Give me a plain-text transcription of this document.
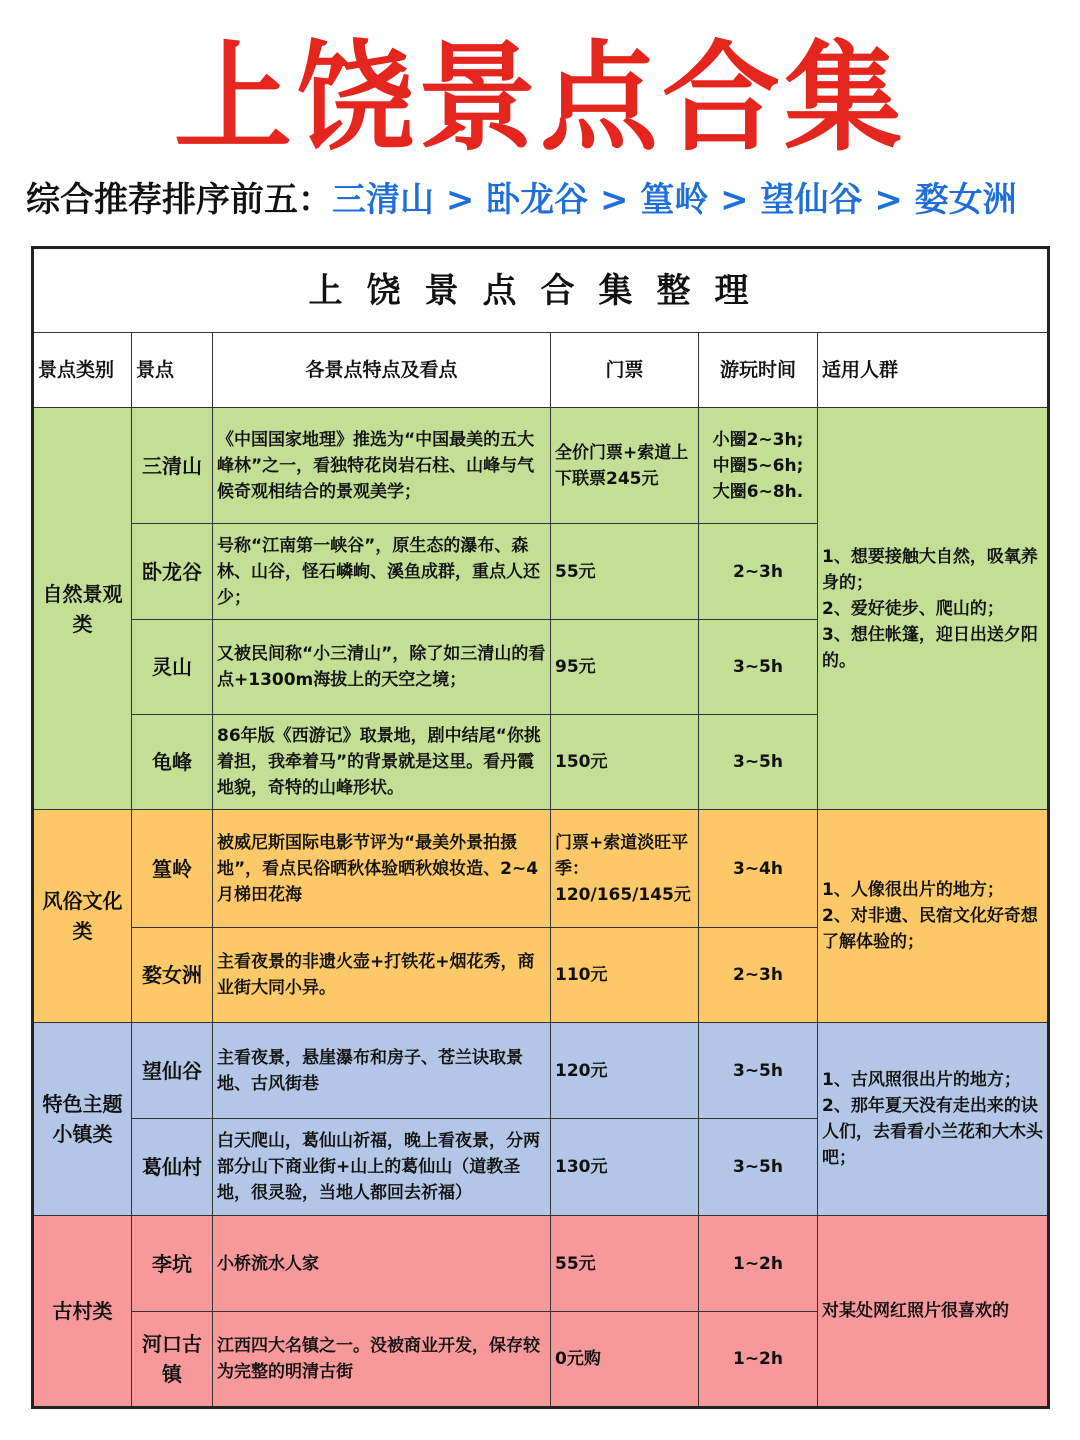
上饶景点合集
综合推荐排序前五：三清山 > 卧龙谷 > 篁岭 > 望仙谷 > 婺女洲
上饶景点合集整理					
景点类别	景点	各景点特点及看点	门票	游玩时间	适用人群
自然景观类	三清山	《中国国家地理》推选为“中国最美的五大峰林”之一，看独特花岗岩石柱、山峰与气候奇观相结合的景观美学；	全价门票+索道上下联票245元	小圈2~3h;
中圈5~6h;
大圈6~8h.	1、想要接触大自然，吸氧养身的；
2、爱好徒步、爬山的；
3、想住帐篷，迎日出送夕阳的。
	卧龙谷	号称“江南第一峡谷”，原生态的瀑布、森林、山谷，怪石嶙峋、溪鱼成群，重点人还少；	55元	2~3h	
	灵山	又被民间称“小三清山”，除了如三清山的看点+1300m海拔上的天空之境；	95元	3~5h	
	龟峰	86年版《西游记》取景地，剧中结尾“你挑着担，我牵着马”的背景就是这里。看丹霞地貌，奇特的山峰形状。	150元	3~5h	
风俗文化类	篁岭	被威尼斯国际电影节评为“最美外景拍摄地”，看点民俗晒秋体验晒秋娘妆造、2~4月梯田花海	门票+索道淡旺平季：
120/165/145元	3~4h	1、人像很出片的地方；
2、对非遗、民宿文化好奇想了解体验的；
	婺女洲	主看夜景的非遗火壶+打铁花+烟花秀，商业街大同小异。	110元	2~3h	
特色主题小镇类	望仙谷	主看夜景，悬崖瀑布和房子、苍兰诀取景地、古风街巷	120元	3~5h	1、古风照很出片的地方；
2、那年夏天没有走出来的诀人们，去看看小兰花和大木头吧；
	葛仙村	白天爬山，葛仙山祈福，晚上看夜景，分两部分山下商业街+山上的葛仙山（道教圣地，很灵验，当地人都回去祈福）	130元	3~5h	
古村类	李坑	小桥流水人家	55元	1~2h	对某处网红照片很喜欢的
	河口古镇	江西四大名镇之一。没被商业开发，保存较为完整的明清古街	0元购	1~2h	
